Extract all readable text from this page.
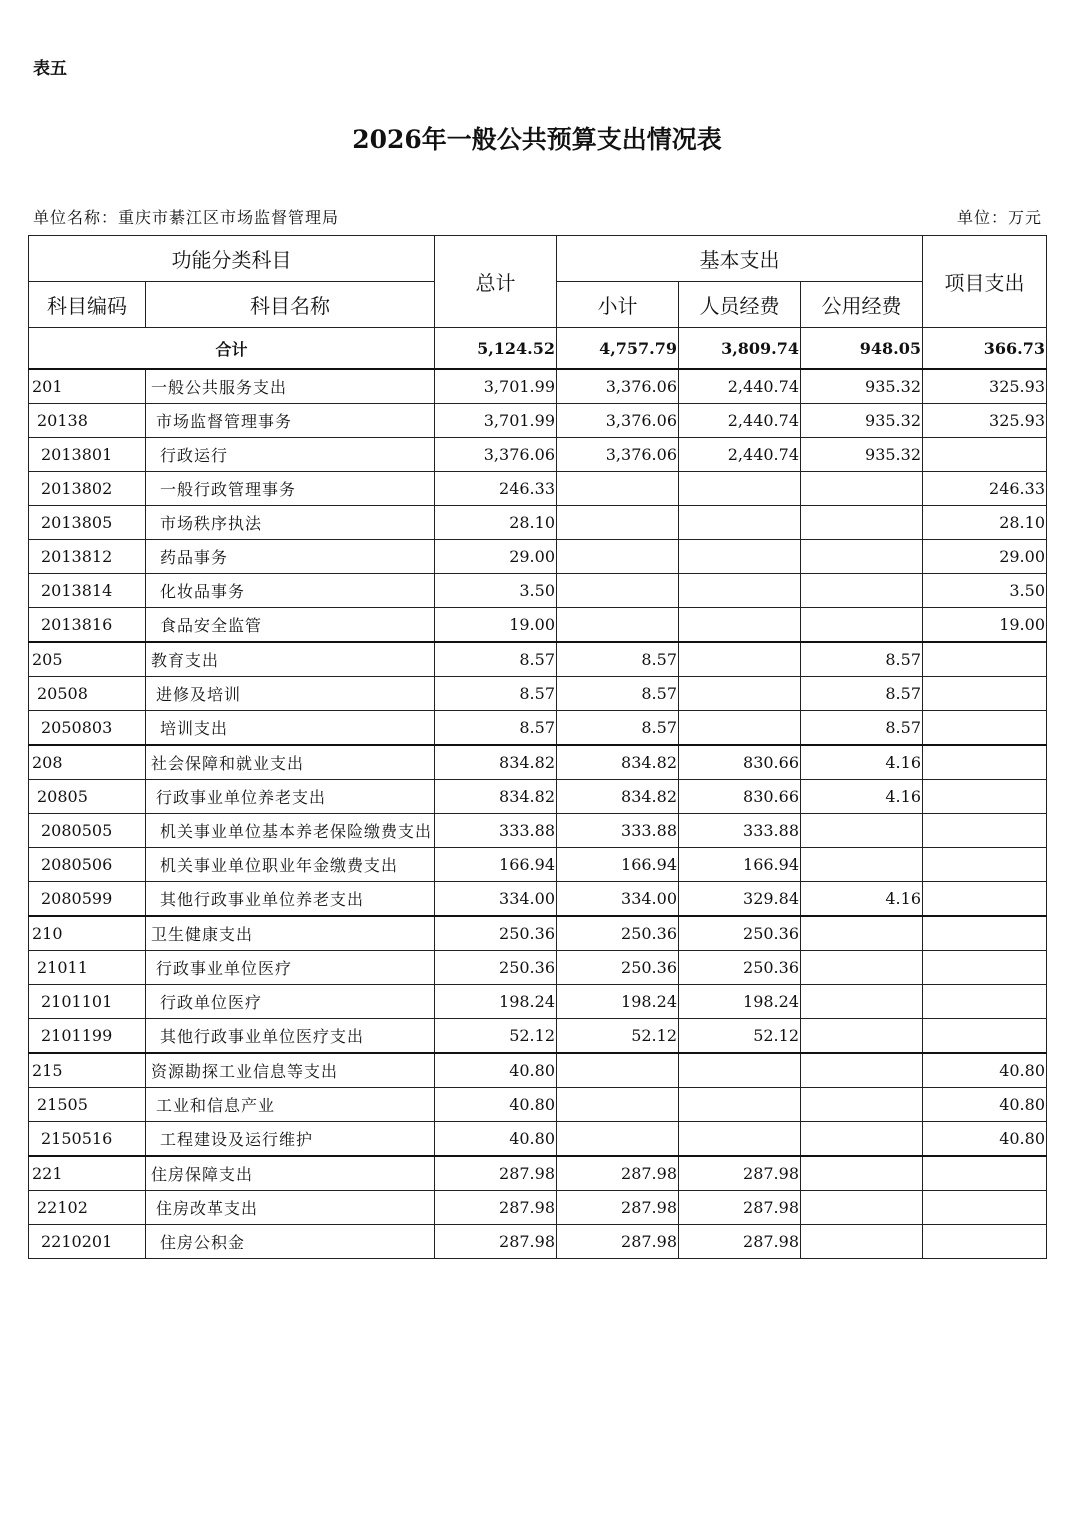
表五
2026年一般公共预算支出情况表
单位名称：重庆市綦江区市场监督管理局	单位：万元
功能分类科目		总计	基本支出			项目支出
科目编码	科目名称		小计	人员经费	公用经费	
合计		5,124.52	4,757.79	3,809.74	948.05	366.73
201	一般公共服务支出	3,701.99	3,376.06	2,440.74	935.32	325.93
20138	市场监督管理事务	3,701.99	3,376.06	2,440.74	935.32	325.93
2013801	行政运行	3,376.06	3,376.06	2,440.74	935.32	
2013802	一般行政管理事务	246.33				246.33
2013805	市场秩序执法	28.10				28.10
2013812	药品事务	29.00				29.00
2013814	化妆品事务	3.50				3.50
2013816	食品安全监管	19.00				19.00
205	教育支出	8.57	8.57		8.57	
20508	进修及培训	8.57	8.57		8.57	
2050803	培训支出	8.57	8.57		8.57	
208	社会保障和就业支出	834.82	834.82	830.66	4.16	
20805	行政事业单位养老支出	834.82	834.82	830.66	4.16	
2080505	机关事业单位基本养老保险缴费支出	333.88	333.88	333.88		
2080506	机关事业单位职业年金缴费支出	166.94	166.94	166.94		
2080599	其他行政事业单位养老支出	334.00	334.00	329.84	4.16	
210	卫生健康支出	250.36	250.36	250.36		
21011	行政事业单位医疗	250.36	250.36	250.36		
2101101	行政单位医疗	198.24	198.24	198.24		
2101199	其他行政事业单位医疗支出	52.12	52.12	52.12		
215	资源勘探工业信息等支出	40.80				40.80
21505	工业和信息产业	40.80				40.80
2150516	工程建设及运行维护	40.80				40.80
221	住房保障支出	287.98	287.98	287.98		
22102	住房改革支出	287.98	287.98	287.98		
2210201	住房公积金	287.98	287.98	287.98		
